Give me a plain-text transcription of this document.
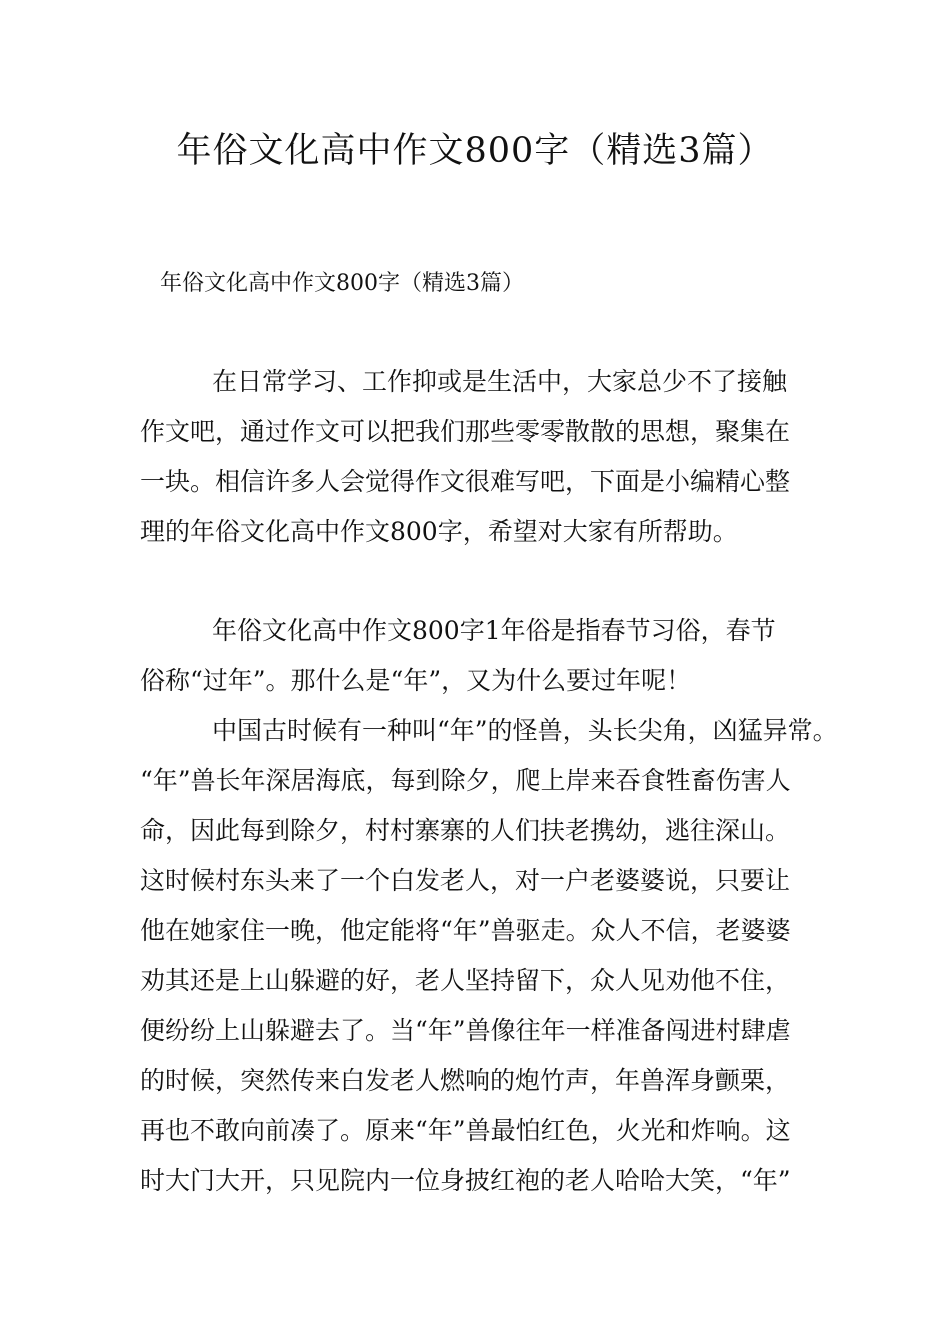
年俗文化高中作文800字（精选3篇）

年俗文化高中作文800字（精选3篇）

在日常学习、工作抑或是生活中，大家总少不了接触

作文吧，通过作文可以把我们那些零零散散的思想，聚集在

一块。相信许多人会觉得作文很难写吧，下面是小编精心整

理的年俗文化高中作文800字，希望对大家有所帮助。

年俗文化高中作文800字1年俗是指春节习俗，春节

俗称“过年”。那什么是“年”，又为什么要过年呢！

中国古时候有一种叫“年”的怪兽，头长尖角，凶猛异常。

“年”兽长年深居海底，每到除夕，爬上岸来吞食牲畜伤害人

命，因此每到除夕，村村寨寨的人们扶老携幼，逃往深山。

这时候村东头来了一个白发老人，对一户老婆婆说，只要让

他在她家住一晚，他定能将“年”兽驱走。众人不信，老婆婆

劝其还是上山躲避的好，老人坚持留下，众人见劝他不住，

便纷纷上山躲避去了。当“年”兽像往年一样准备闯进村肆虐

的时候，突然传来白发老人燃响的炮竹声，年兽浑身颤栗，

再也不敢向前凑了。原来“年”兽最怕红色，火光和炸响。这

时大门大开，只见院内一位身披红袍的老人哈哈大笑，“年”
